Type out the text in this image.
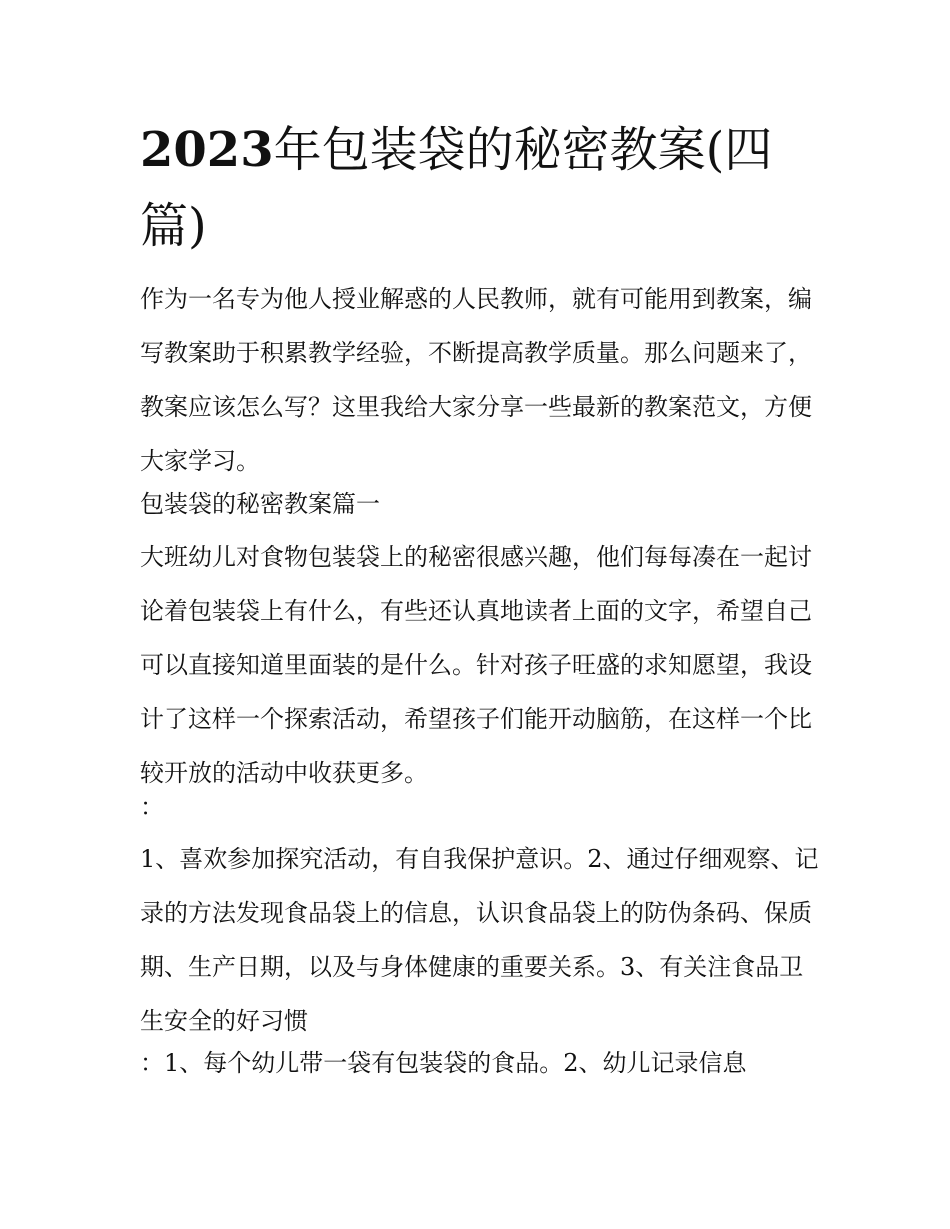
2023年包装袋的秘密教案(四篇)

作为一名专为他人授业解惑的人民教师，就有可能用到教案，编写教案助于积累教学经验，不断提高教学质量。那么问题来了，教案应该怎么写？这里我给大家分享一些最新的教案范文，方便大家学习。

包装袋的秘密教案篇一

大班幼儿对食物包装袋上的秘密很感兴趣，他们每每凑在一起讨论着包装袋上有什么，有些还认真地读者上面的文字，希望自己可以直接知道里面装的是什么。针对孩子旺盛的求知愿望，我设计了这样一个探索活动，希望孩子们能开动脑筋，在这样一个比较开放的活动中收获更多。

：

1、喜欢参加探究活动，有自我保护意识。2、通过仔细观察、记录的方法发现食品袋上的信息，认识食品袋上的防伪条码、保质期、生产日期，以及与身体健康的重要关系。3、有关注食品卫生安全的好习惯

：1、每个幼儿带一袋有包装袋的食品。2、幼儿记录信息
